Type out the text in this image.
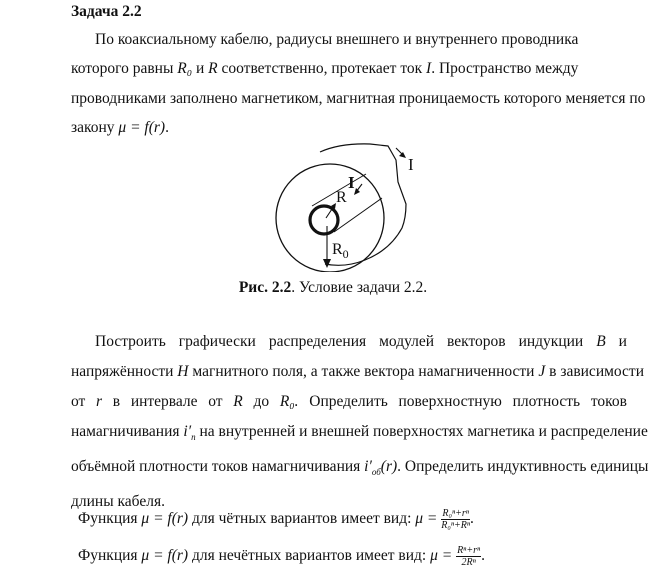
Задача 2.2
По коаксиальному кабелю, радиусы внешнего и внутреннего проводника
которого равны R₀ и R соответственно, протекает ток I. Пространство между
проводниками заполнено магнетиком, магнитная проницаемость которого меняется по
закону μ = f(r).
I
R
I
$R_0$
Рис. 2.2. Условие задачи 2.2.
Построить графически распределения модулей векторов индукции B и
напряжённости H магнитного поля, а также вектора намагниченности J в зависимости
от r в интервале от R до R₀. Определить поверхностную плотность токов
намагничивания $i'_п$ на внутренней и внешней поверхностях магнетика и распределение
объёмной плотности токов намагничивания $i'_{об}(r)$. Определить индуктивность единицы
длины кабеля.
Функция μ = f(r) для чётных вариантов имеет вид: $\mu = \frac{\text{R₀ⁿ+rⁿ}}{\text{R₀ⁿ+Rⁿ}}$ .
Функция μ = f(r) для нечётных вариантов имеет вид: $\mu = \frac{\text{Rⁿ+rⁿ}}{\text{2Rⁿ}}$ .
